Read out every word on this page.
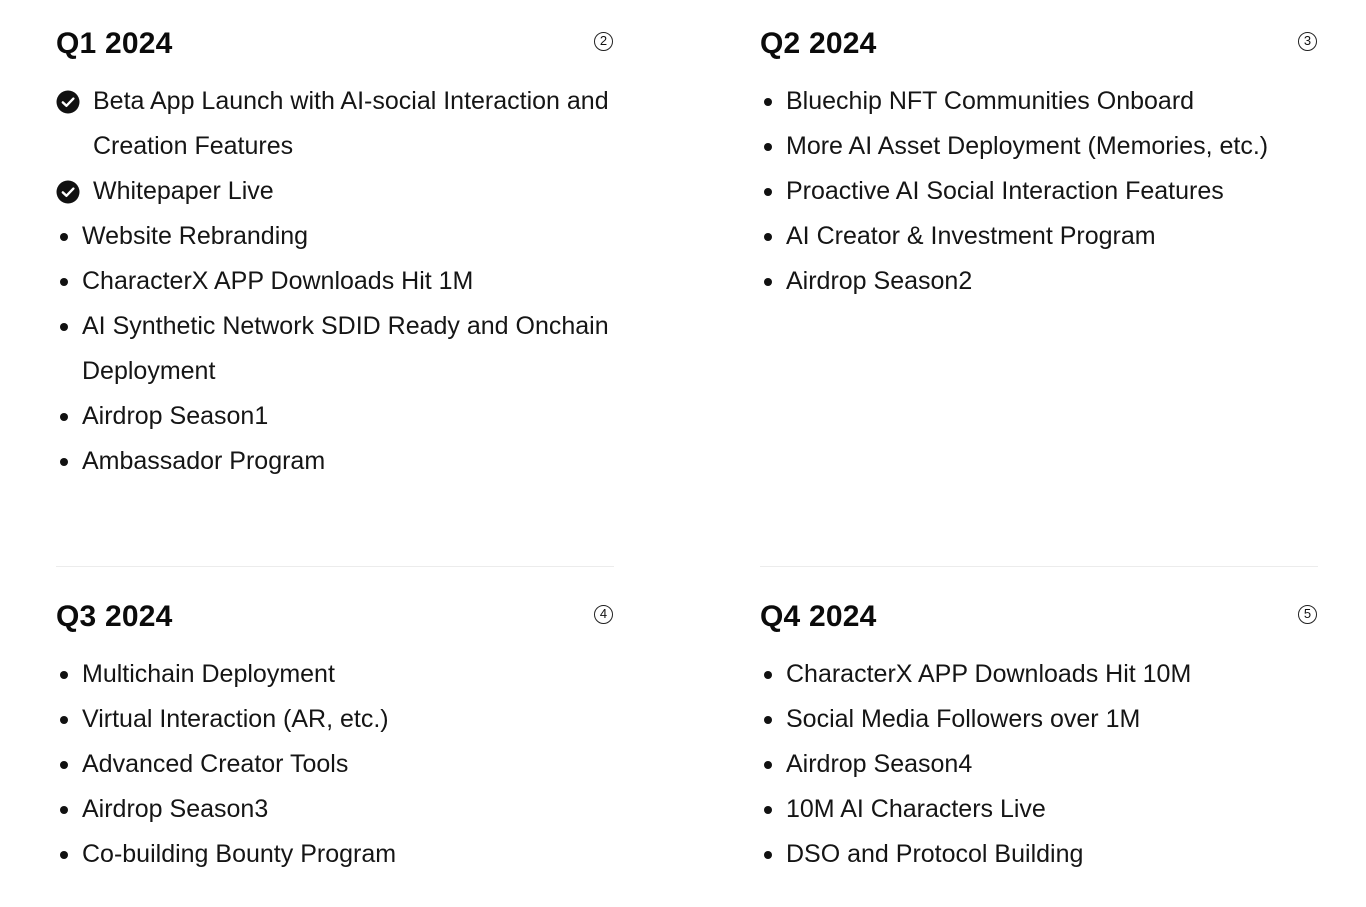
Q1 2024	2
Beta App Launch with AI-social Interaction and Creation Features
Whitepaper Live
Website Rebranding
CharacterX APP Downloads Hit 1M
AI Synthetic Network SDID Ready and Onchain Deployment
Airdrop Season1
Ambassador Program
Q2 2024	3
Bluechip NFT Communities Onboard
More AI Asset Deployment (Memories, etc.)
Proactive AI Social Interaction Features
AI Creator & Investment Program
Airdrop Season2
Q3 2024	4
Multichain Deployment
Virtual Interaction (AR, etc.)
Advanced Creator Tools
Airdrop Season3
Co-building Bounty Program
Q4 2024	5
CharacterX APP Downloads Hit 10M
Social Media Followers over 1M
Airdrop Season4
10M AI Characters Live
DSO and Protocol Building
